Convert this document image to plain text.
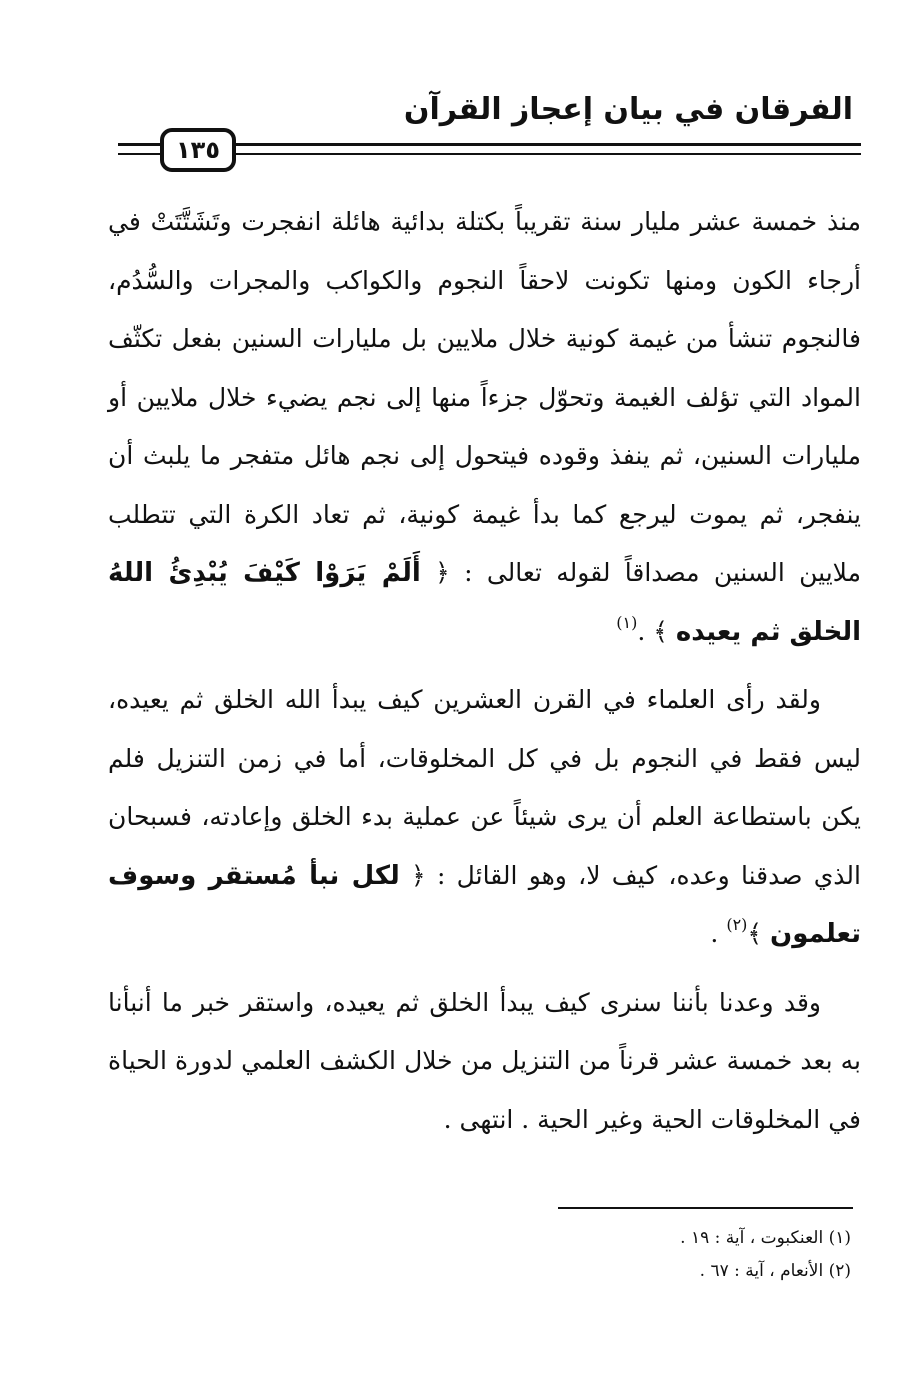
الفرقان في بيان إعجاز القرآن
١٣٥

منذ خمسة عشر مليار سنة تقريباً بكتلة بدائية هائلة انفجرت وتَشَتَّتَتْ في أرجاء الكون ومنها تكونت لاحقاً النجوم والكواكب والمجرات والسُّدُم، فالنجوم تنشأ من غيمة كونية خلال ملايين بل مليارات السنين بفعل تكثّف المواد التي تؤلف الغيمة وتحوّل جزءاً منها إلى نجم يضيء خلال ملايين أو مليارات السنين، ثم ينفذ وقوده فيتحول إلى نجم هائل متفجر ما يلبث أن ينفجر، ثم يموت ليرجع كما بدأ غيمة كونية، ثم تعاد الكرة التي تتطلب ملايين السنين مصداقاً لقوله تعالى : ﴿ أَلَمْ يَرَوْا كَيْفَ يُبْدِئُ اللهُ الخلق ثم يعيده ﴾ .$^{(١)}$

ولقد رأى العلماء في القرن العشرين كيف يبدأ الله الخلق ثم يعيده، ليس فقط في النجوم بل في كل المخلوقات، أما في زمن التنزيل فلم يكن باستطاعة العلم أن يرى شيئاً عن عملية بدء الخلق وإعادته، فسبحان الذي صدقنا وعده، كيف لا، وهو القائل : ﴿ لكل نبأ مُستقر وسوف تعلمون ﴾$^{(٢)}$ .

وقد وعدنا بأننا سنرى كيف يبدأ الخلق ثم يعيده، واستقر خبر ما أنبأنا به بعد خمسة عشر قرناً من التنزيل من خلال الكشف العلمي لدورة الحياة في المخلوقات الحية وغير الحية . انتهى .

(١) العنكبوت ، آية : ١٩ .
(٢) الأنعام ، آية : ٦٧ .
